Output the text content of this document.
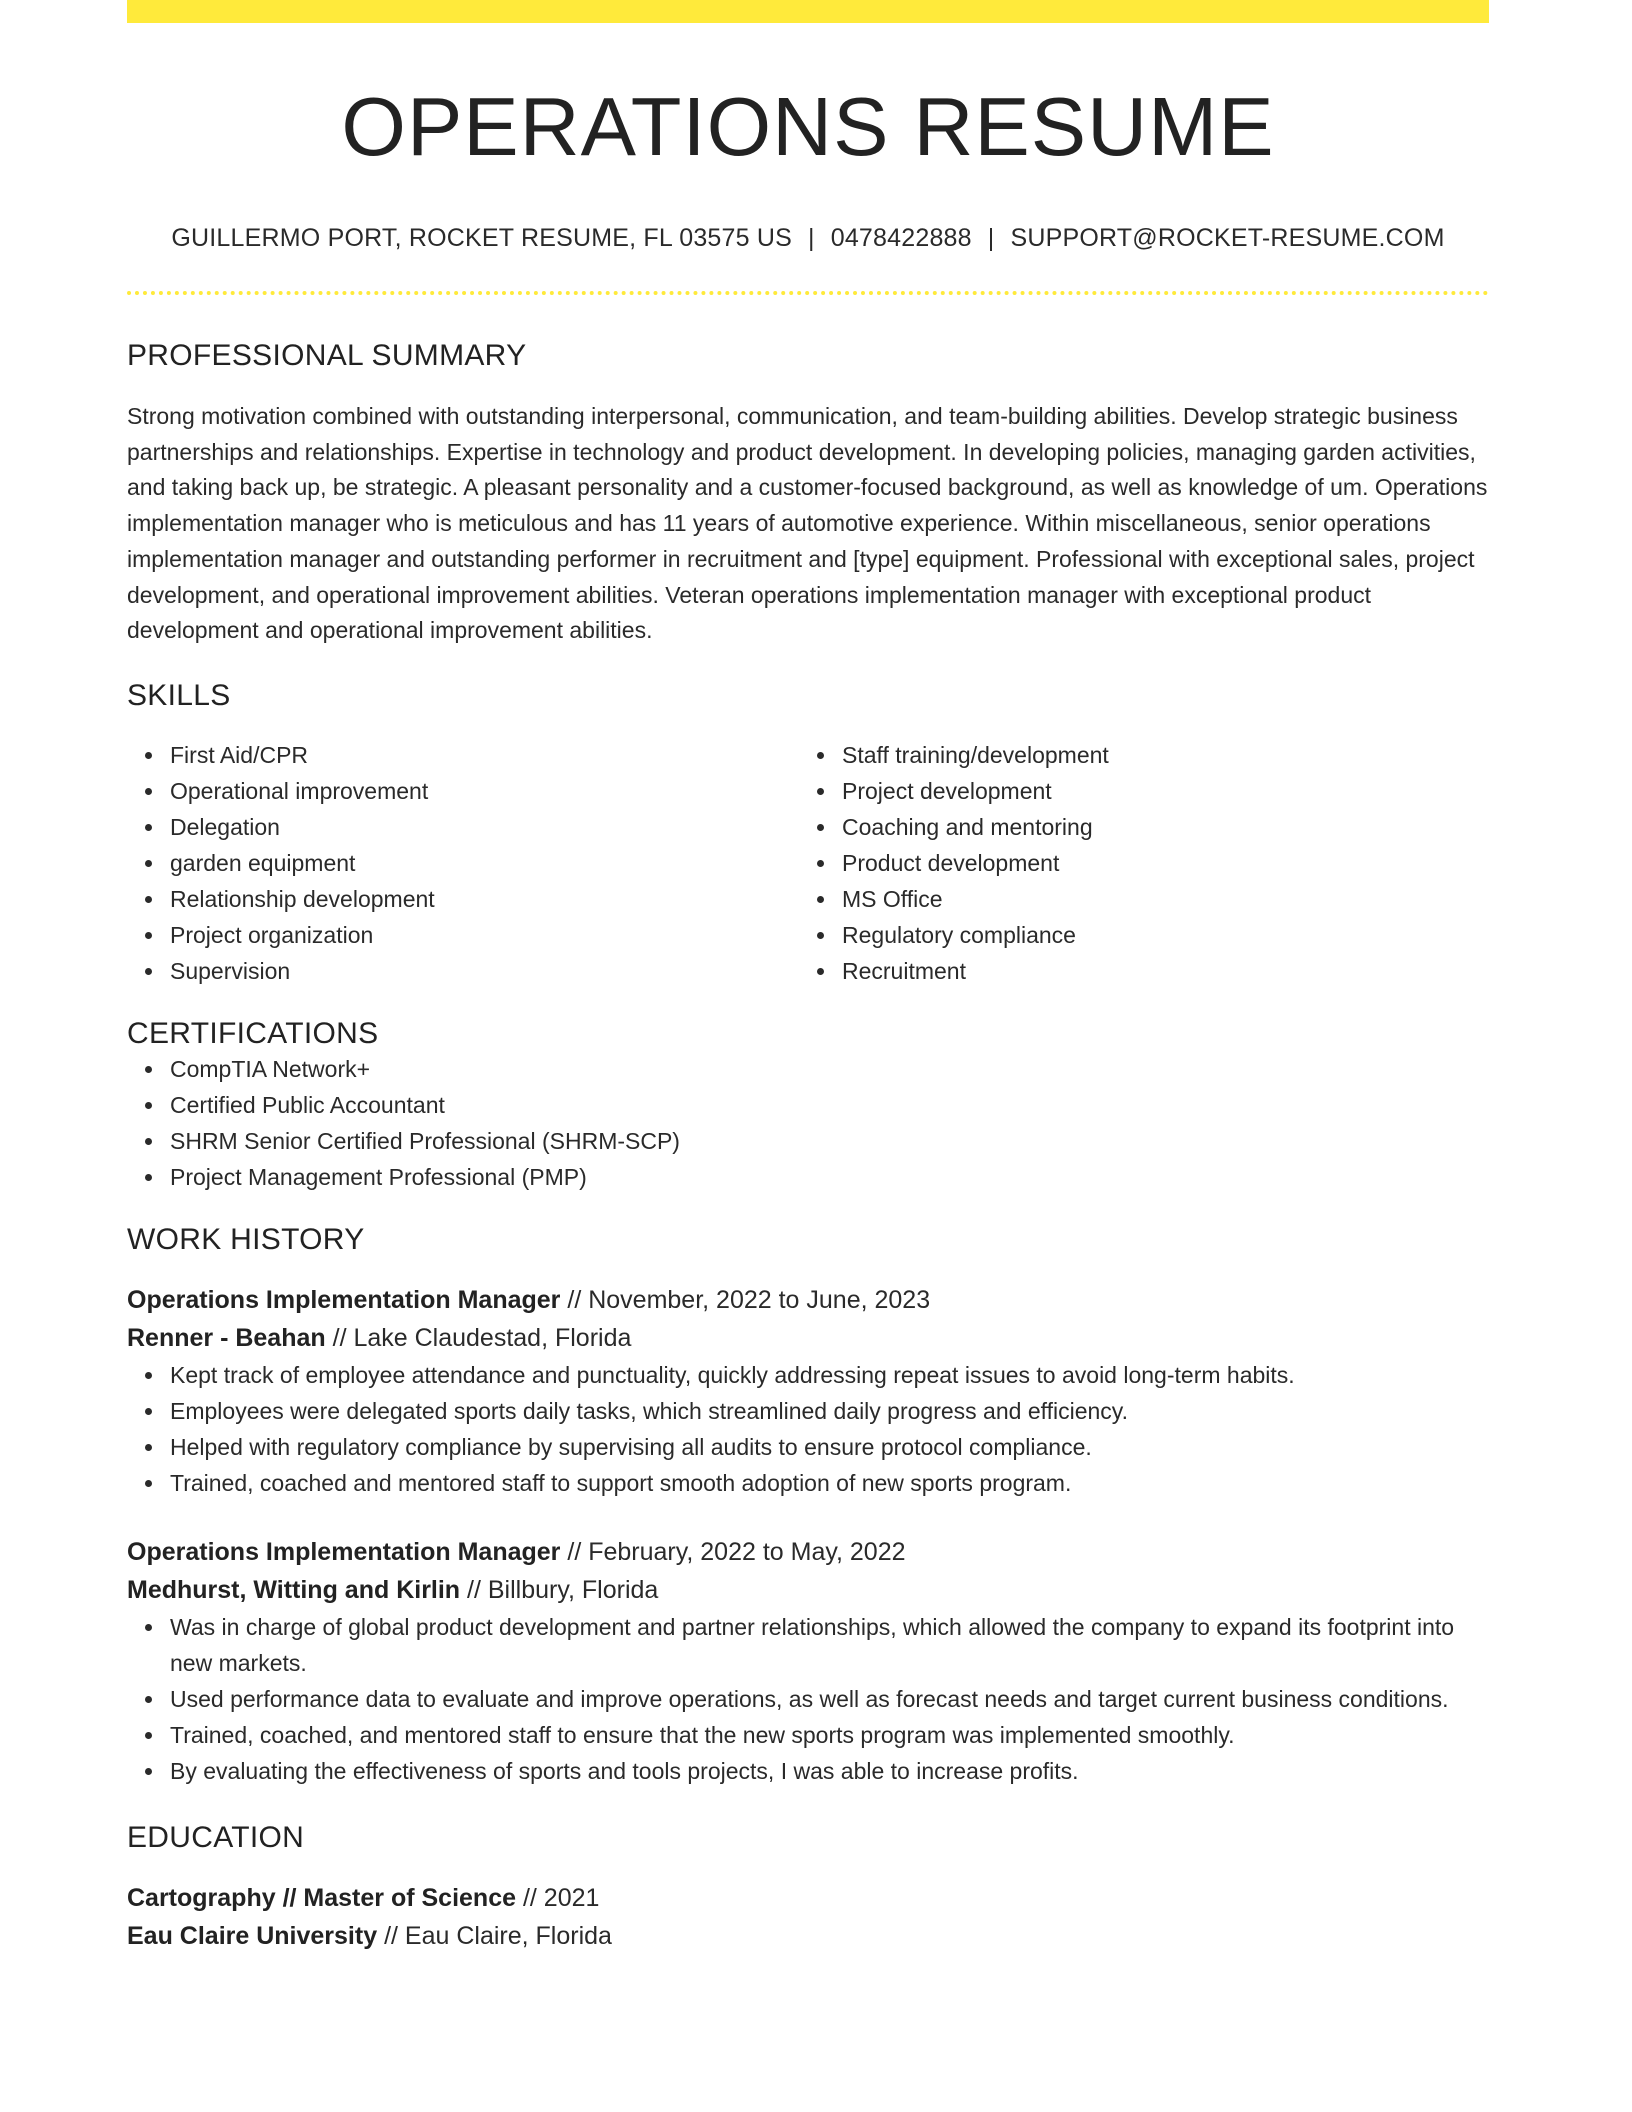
OPERATIONS RESUME
GUILLERMO PORT, ROCKET RESUME, FL 03575 US | 0478422888 | SUPPORT@ROCKET-RESUME.COM
PROFESSIONAL SUMMARY
Strong motivation combined with outstanding interpersonal, communication, and team-building abilities. Develop strategic business partnerships and relationships. Expertise in technology and product development. In developing policies, managing garden activities, and taking back up, be strategic. A pleasant personality and a customer-focused background, as well as knowledge of um. Operations implementation manager who is meticulous and has 11 years of automotive experience. Within miscellaneous, senior operations implementation manager and outstanding performer in recruitment and [type] equipment. Professional with exceptional sales, project development, and operational improvement abilities. Veteran operations implementation manager with exceptional product development and operational improvement abilities.
SKILLS
First Aid/CPR
Operational improvement
Delegation
garden equipment
Relationship development
Project organization
Supervision
Staff training/development
Project development
Coaching and mentoring
Product development
MS Office
Regulatory compliance
Recruitment
CERTIFICATIONS
CompTIA Network+
Certified Public Accountant
SHRM Senior Certified Professional (SHRM-SCP)
Project Management Professional (PMP)
WORK HISTORY
Operations Implementation Manager // November, 2022 to June, 2023
Renner - Beahan // Lake Claudestad, Florida
Kept track of employee attendance and punctuality, quickly addressing repeat issues to avoid long-term habits.
Employees were delegated sports daily tasks, which streamlined daily progress and efficiency.
Helped with regulatory compliance by supervising all audits to ensure protocol compliance.
Trained, coached and mentored staff to support smooth adoption of new sports program.
Operations Implementation Manager // February, 2022 to May, 2022
Medhurst, Witting and Kirlin // Billbury, Florida
Was in charge of global product development and partner relationships, which allowed the company to expand its footprint into new markets.
Used performance data to evaluate and improve operations, as well as forecast needs and target current business conditions.
Trained, coached, and mentored staff to ensure that the new sports program was implemented smoothly.
By evaluating the effectiveness of sports and tools projects, I was able to increase profits.
EDUCATION
Cartography // Master of Science // 2021
Eau Claire University // Eau Claire, Florida
